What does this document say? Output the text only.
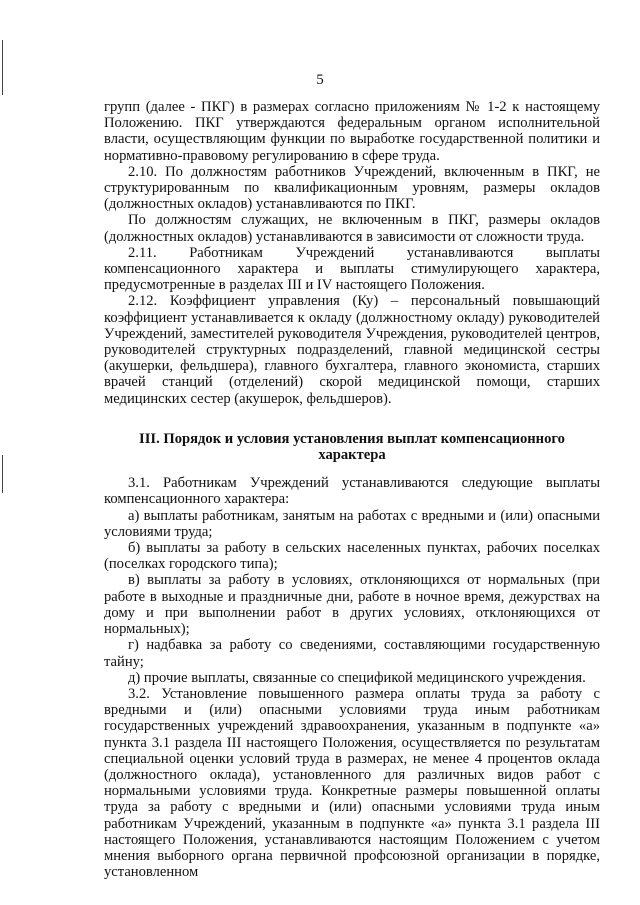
5

групп (далее - ПКГ) в размерах согласно приложениям № 1-2 к настоящему Положению. ПКГ утверждаются федеральным органом исполнительной власти, осуществляющим функции по выработке государственной политики и нормативно-правовому регулированию в сфере труда.

2.10. По должностям работников Учреждений, включенным в ПКГ, не структурированным по квалификационным уровням, размеры окладов (должностных окладов) устанавливаются по ПКГ.

По должностям служащих, не включенным в ПКГ, размеры окладов (должностных окладов) устанавливаются в зависимости от сложности труда.

2.11. Работникам Учреждений устанавливаются выплаты компенсационного характера и выплаты стимулирующего характера, предусмотренные в разделах III и IV настоящего Положения.

2.12. Коэффициент управления (Ку) – персональный повышающий коэффициент устанавливается к окладу (должностному окладу) руководителей Учреждений, заместителей руководителя Учреждения, руководителей центров, руководителей структурных подразделений, главной медицинской сестры (акушерки, фельдшера), главного бухгалтера, главного экономиста, старших врачей станций (отделений) скорой медицинской помощи, старших медицинских сестер (акушерок, фельдшеров).

III. Порядок и условия установления выплат компенсационного характера

3.1. Работникам Учреждений устанавливаются следующие выплаты компенсационного характера:

а) выплаты работникам, занятым на работах с вредными и (или) опасными условиями труда;

б) выплаты за работу в сельских населенных пунктах, рабочих поселках (поселках городского типа);

в) выплаты за работу в условиях, отклоняющихся от нормальных (при работе в выходные и праздничные дни, работе в ночное время, дежурствах на дому и при выполнении работ в других условиях, отклоняющихся от нормальных);

г) надбавка за работу со сведениями, составляющими государственную тайну;

д) прочие выплаты, связанные со спецификой медицинского учреждения.

3.2. Установление повышенного размера оплаты труда за работу с вредными и (или) опасными условиями труда иным работникам государственных учреждений здравоохранения, указанным в подпункте «а» пункта 3.1 раздела III настоящего Положения, осуществляется по результатам специальной оценки условий труда в размерах, не менее 4 процентов оклада (должностного оклада), установленного для различных видов работ с нормальными условиями труда. Конкретные размеры повышенной оплаты труда за работу с вредными и (или) опасными условиями труда иным работникам Учреждений, указанным в подпункте «а» пункта 3.1 раздела III настоящего Положения, устанавливаются настоящим Положением с учетом мнения выборного органа первичной профсоюзной организации в порядке, установленном
